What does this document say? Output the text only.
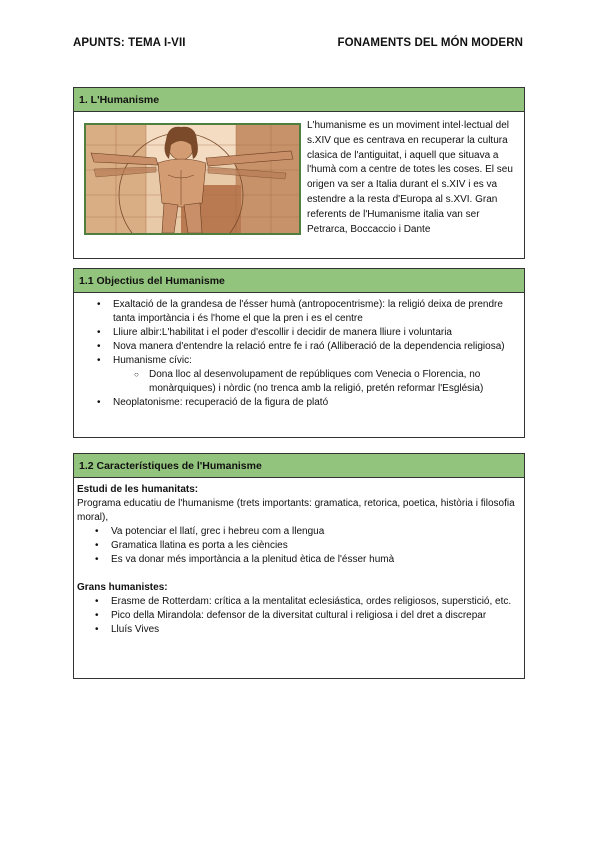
APUNTS: TEMA I-VII	FONAMENTS DEL MÓN MODERN
1. L'Humanisme
L'humanisme es un moviment intel·lectual del s.XIV que es centrava en recuperar la cultura clasica de l'antiguitat, i aquell que situava a l'humà com a centre de totes les coses. El seu origen va ser a Italia durant el s.XIV i es va estendre a la resta d'Europa al s.XVI. Gran referents de l'Humanisme italia van ser Petrarca, Boccaccio i Dante
1.1 Objectius del Humanisme
• Exaltació de la grandesa de l'ésser humà (antropocentrisme): la religió deixa de prendre tanta importància i és l'home el que la pren i es el centre
• Lliure albir:L'habilitat i el poder d'escollir i decidir de manera lliure i voluntaria
• Nova manera d'entendre la relació entre fe i raó (Alliberació de la dependencia religiosa)
• Humanisme cívic:
○ Dona lloc al desenvolupament de repúbliques com Venecia o Florencia, no monàrquiques) i nòrdic (no trenca amb la religió, pretén reformar l'Església)
• Neoplatonisme: recuperació de la figura de plató
1.2 Característiques de l'Humanisme
Estudi de les humanitats:
Programa educatiu de l'humanisme (trets importants: gramatica, retorica, poetica, història i filosofia moral),
• Va potenciar el llatí, grec i hebreu com a llengua
• Gramatica llatina es porta a les ciències
• Es va donar més importància a la plenitud ètica de l'ésser humà
Grans humanistes:
• Erasme de Rotterdam: crítica a la mentalitat eclesiástica, ordes religiosos, superstició, etc.
• Pico della Mirandola: defensor de la diversitat cultural i religiosa i del dret a discrepar
• Lluís Vives
